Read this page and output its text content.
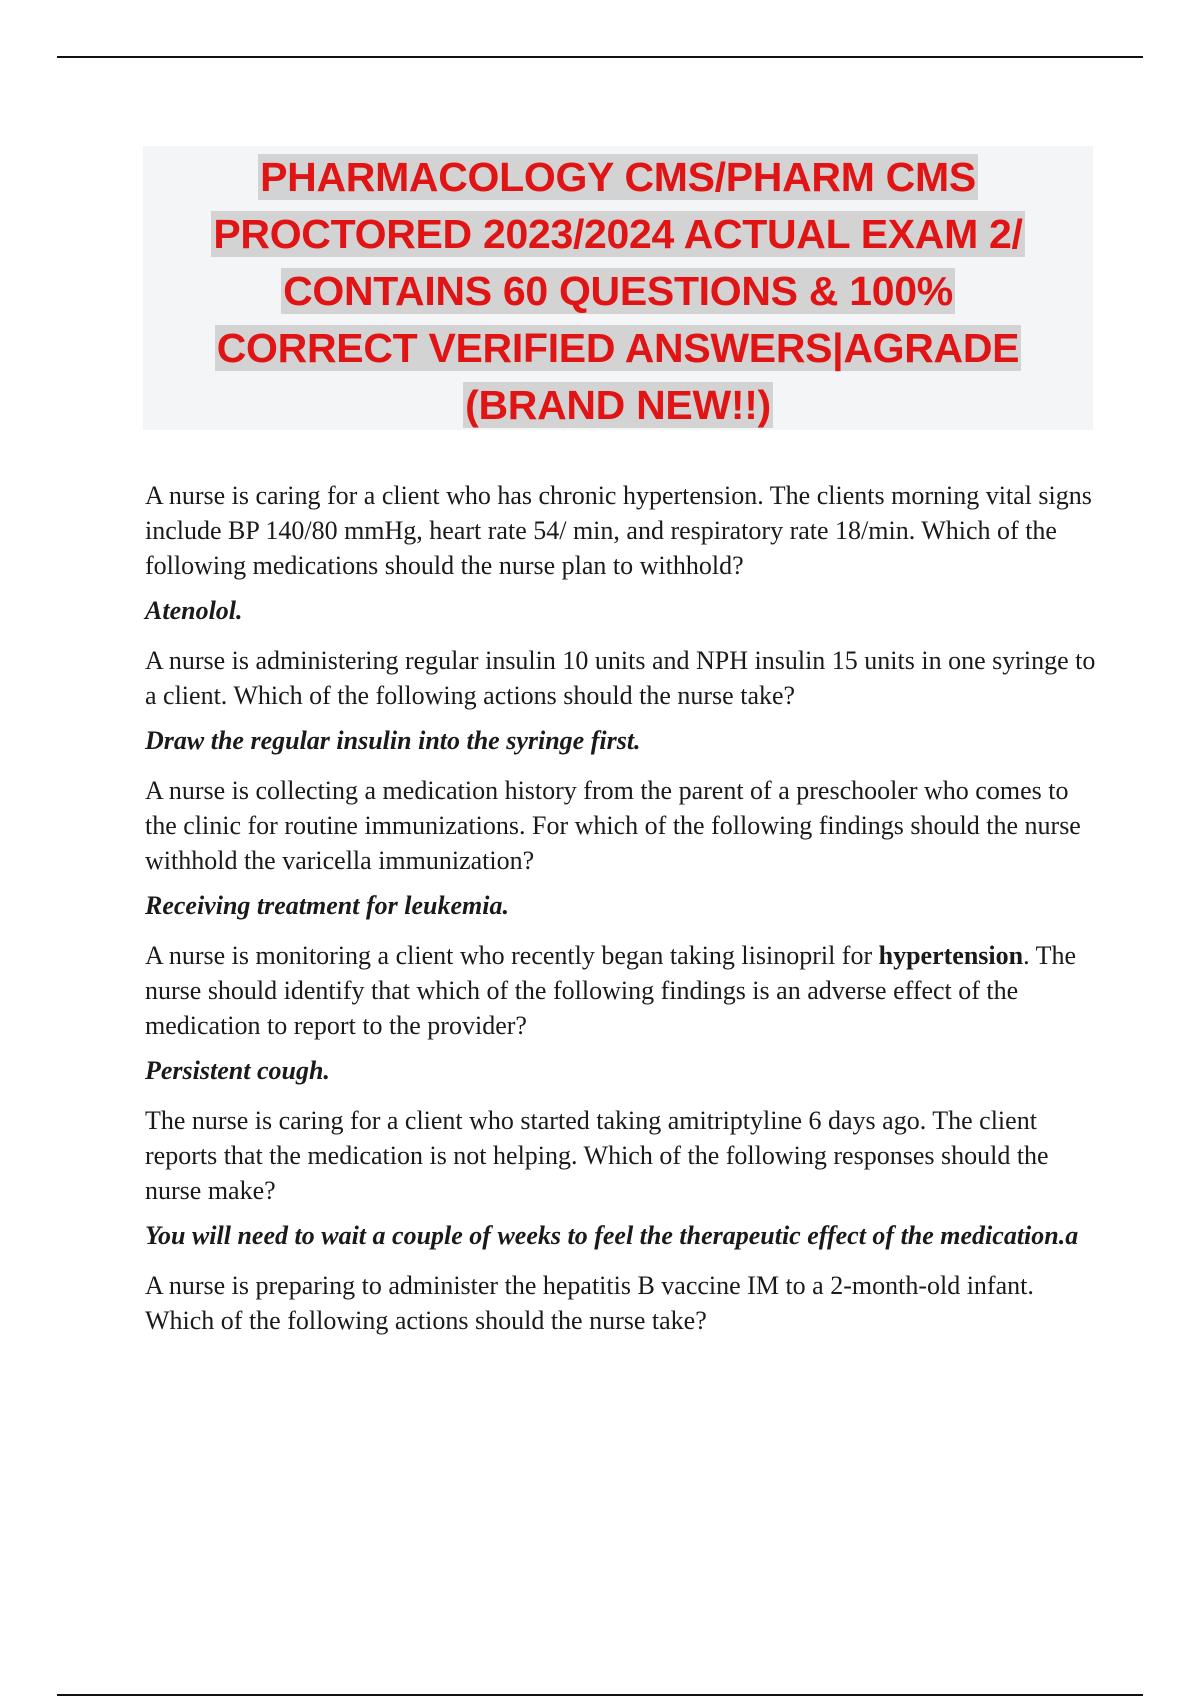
PHARMACOLOGY CMS/PHARM CMS
PROCTORED 2023/2024 ACTUAL EXAM 2/
CONTAINS 60 QUESTIONS & 100%
CORRECT VERIFIED ANSWERS|AGRADE
(BRAND NEW!!)

A nurse is caring for a client who has chronic hypertension. The clients morning vital signs include BP 140/80 mmHg, heart rate 54/ min, and respiratory rate 18/min. Which of the following medications should the nurse plan to withhold?

Atenolol.

A nurse is administering regular insulin 10 units and NPH insulin 15 units in one syringe to a client. Which of the following actions should the nurse take?

Draw the regular insulin into the syringe first.

A nurse is collecting a medication history from the parent of a preschooler who comes to the clinic for routine immunizations. For which of the following findings should the nurse withhold the varicella immunization?

Receiving treatment for leukemia.

A nurse is monitoring a client who recently began taking lisinopril for hypertension. The nurse should identify that which of the following findings is an adverse effect of the medication to report to the provider?

Persistent cough.

The nurse is caring for a client who started taking amitriptyline 6 days ago. The client reports that the medication is not helping. Which of the following responses should the nurse make?

You will need to wait a couple of weeks to feel the therapeutic effect of the medication.a

A nurse is preparing to administer the hepatitis B vaccine IM to a 2-month-old infant. Which of the following actions should the nurse take?
